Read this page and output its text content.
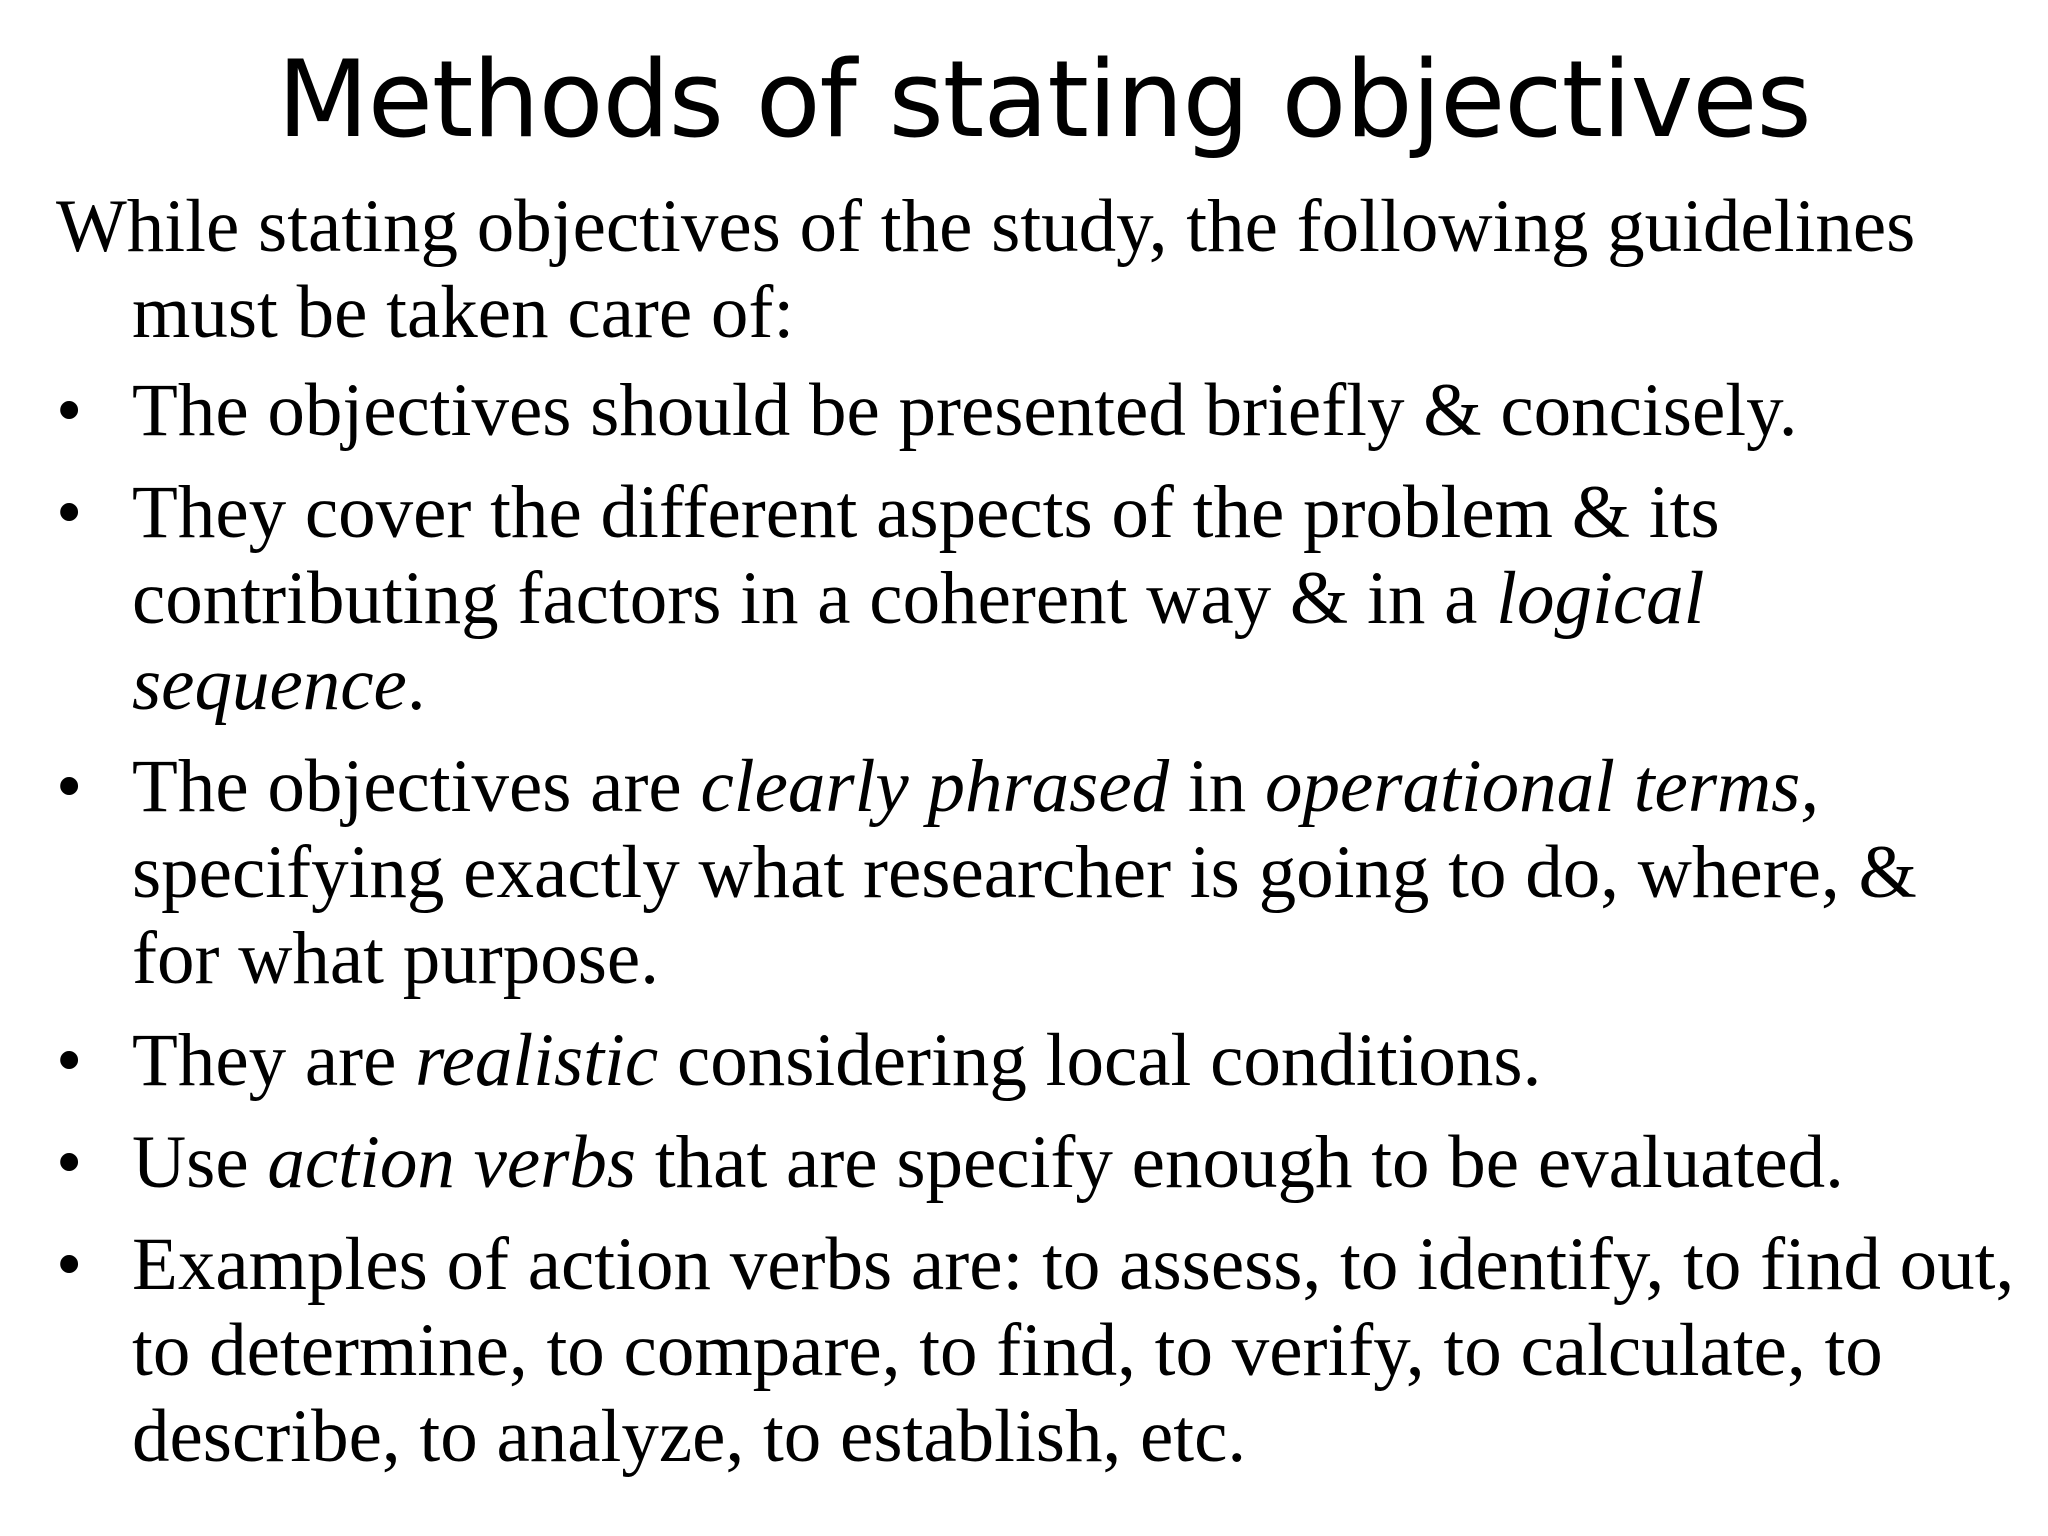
Methods of stating objectives

While stating objectives of the study, the following guidelines must be taken care of:

• The objectives should be presented briefly & concisely.
• They cover the different aspects of the problem & its contributing factors in a coherent way & in a logical sequence.
• The objectives are clearly phrased in operational terms, specifying exactly what researcher is going to do, where, & for what purpose.
• They are realistic considering local conditions.
• Use action verbs that are specify enough to be evaluated.
• Examples of action verbs are: to assess, to identify, to find out, to determine, to compare, to find, to verify, to calculate, to describe, to analyze, to establish, etc.
